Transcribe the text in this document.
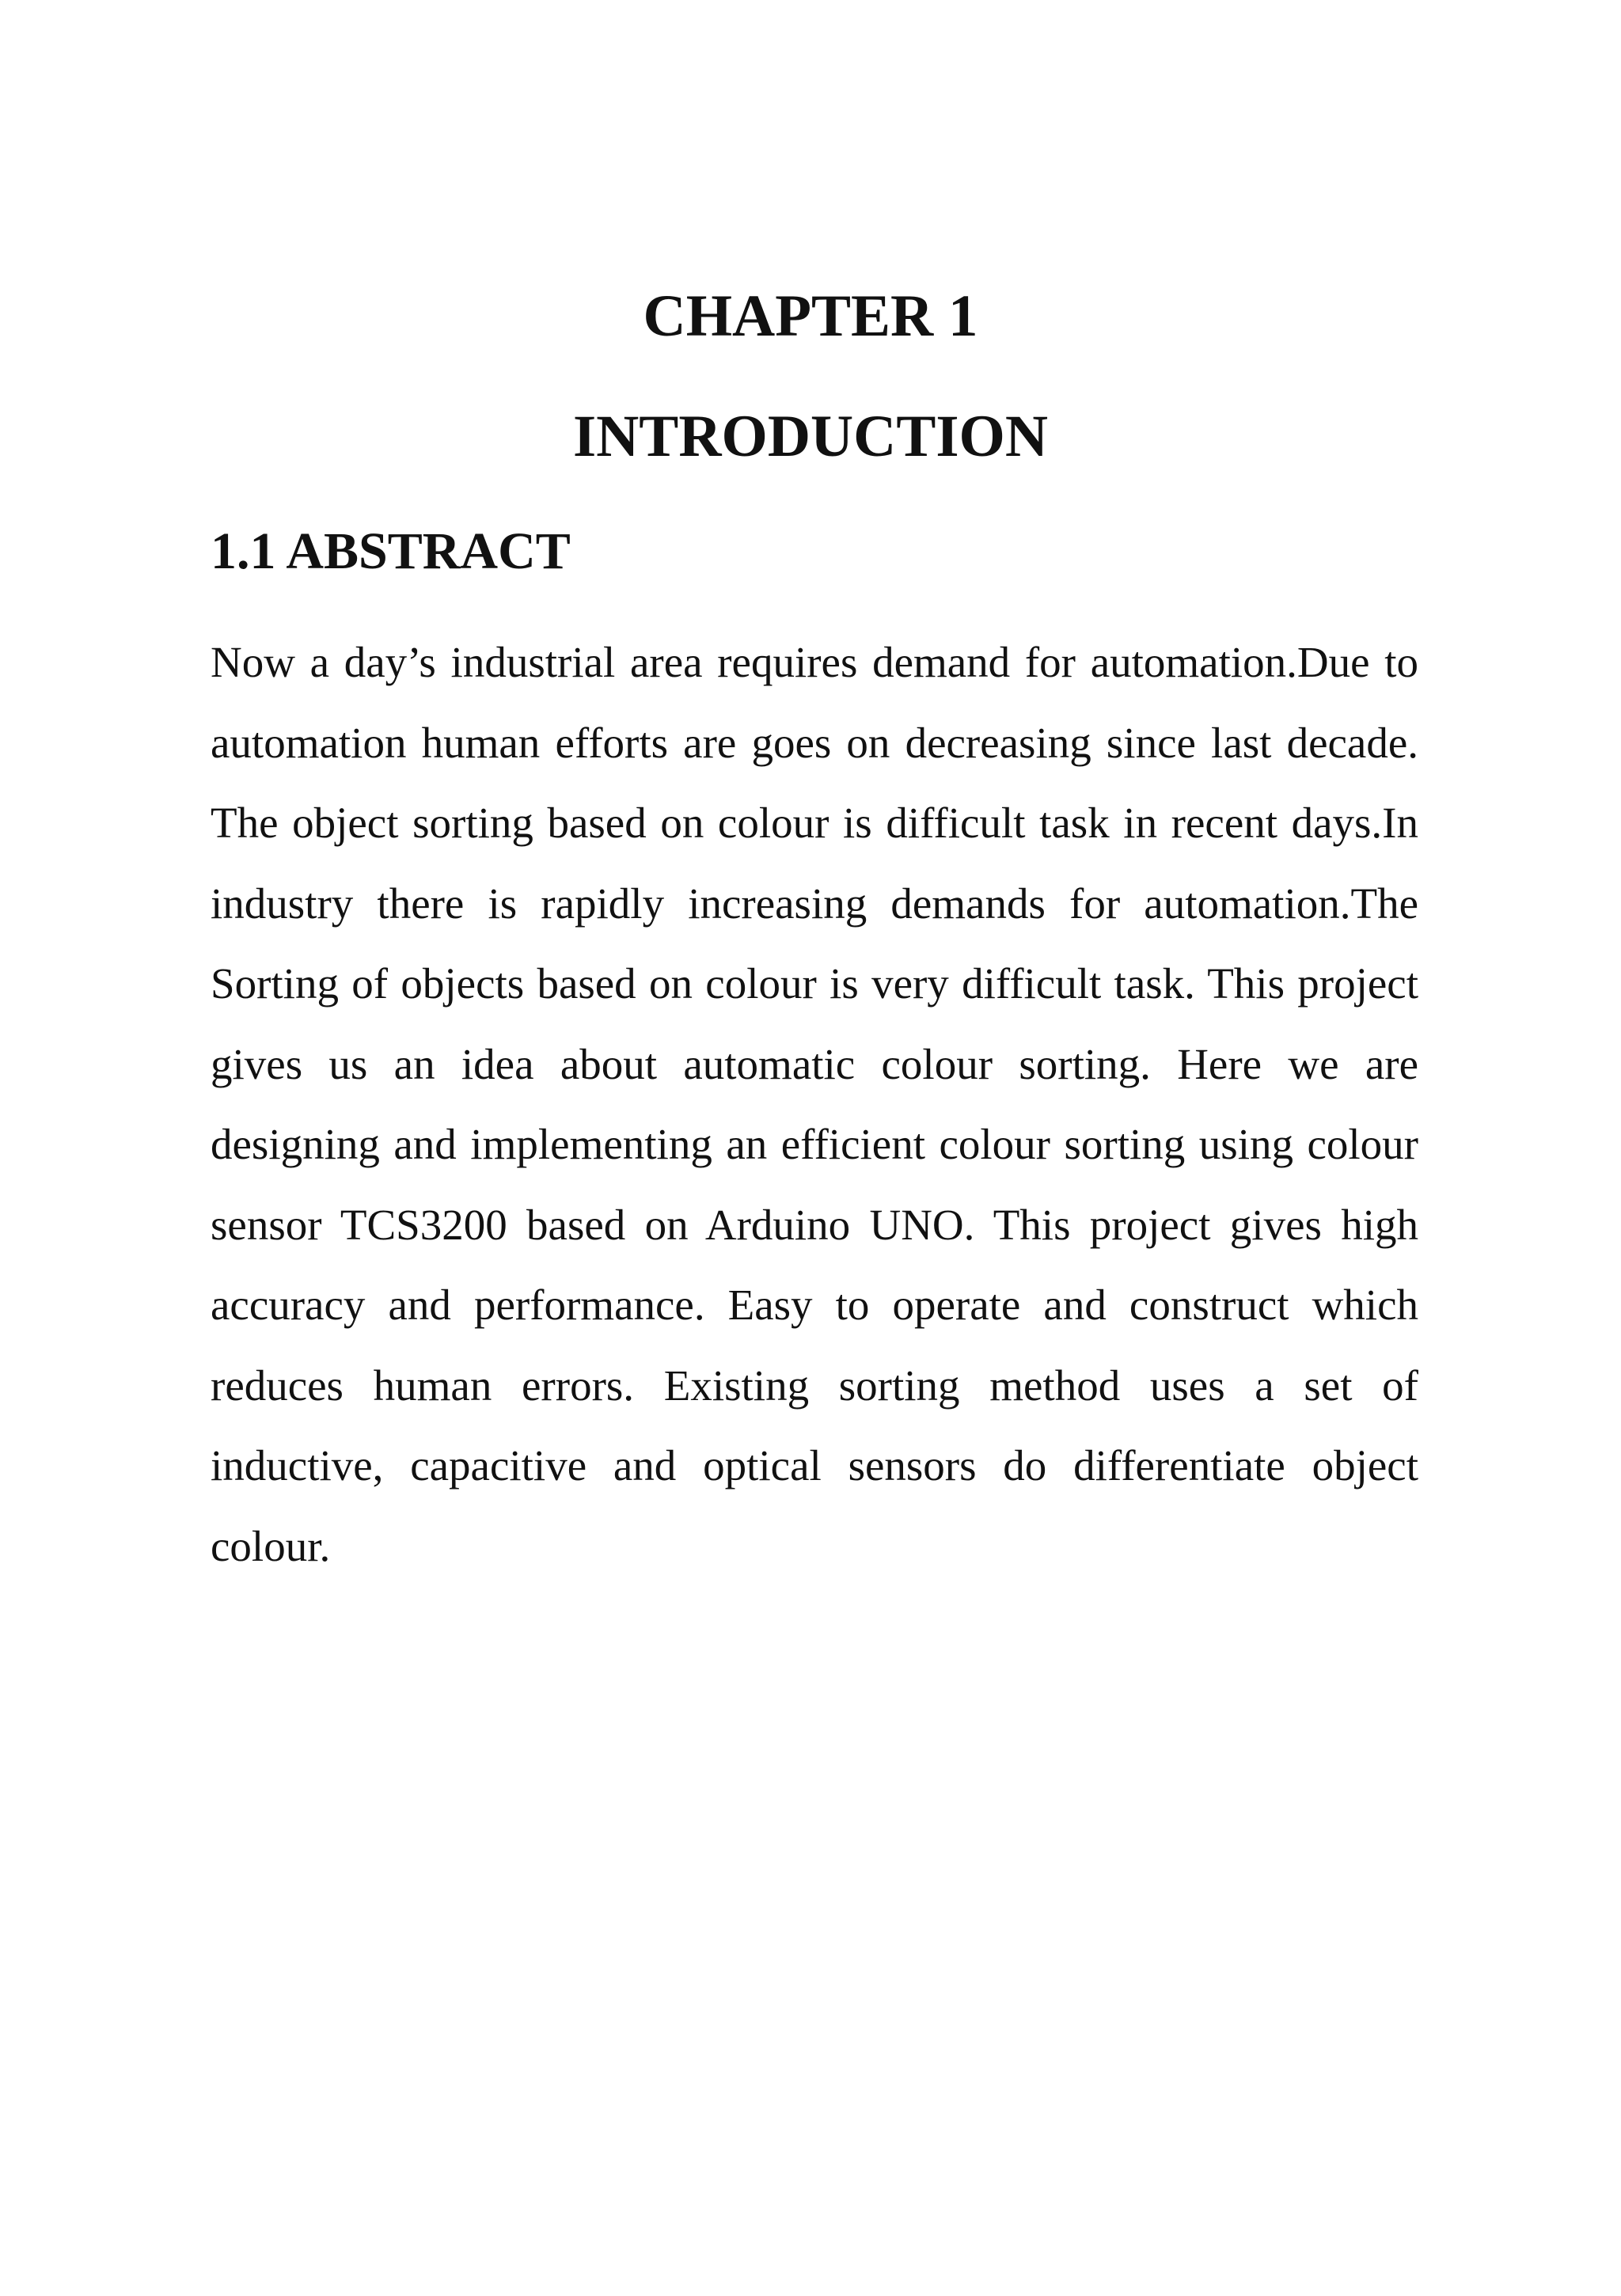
CHAPTER 1
INTRODUCTION
1.1 ABSTRACT

Now a day’s industrial area requires demand for automation.Due to automation human efforts are goes on decreasing since last decade. The object sorting based on colour is difficult task in recent days.In industry there is rapidly increasing demands for automation.The Sorting of objects based on colour is very difficult task. This project gives us an idea about automatic colour sorting. Here we are designing and implementing an efficient colour sorting using colour sensor TCS3200 based on Arduino UNO. This project gives high accuracy and performance. Easy to operate and construct which reduces human errors. Existing sorting method uses a set of inductive, capacitive and optical sensors do differentiate object colour.
